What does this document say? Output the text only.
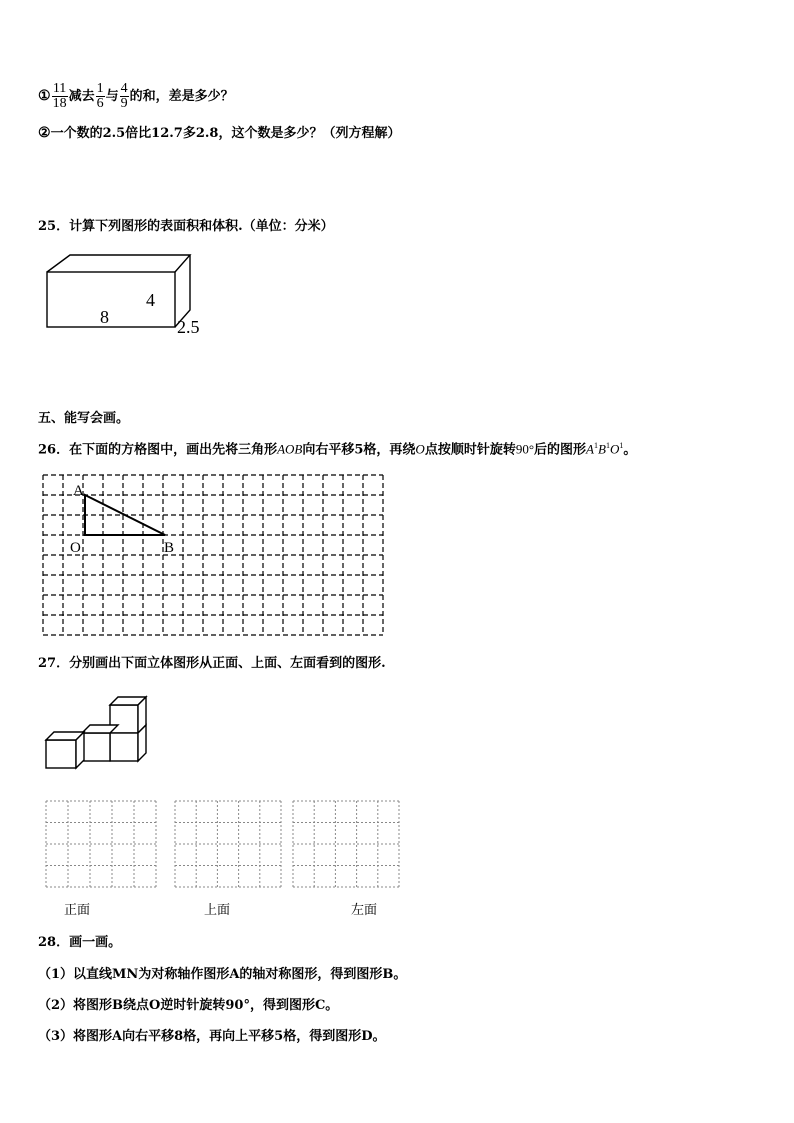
① $\frac{11}{18}$ 减去 $\frac{1}{6}$ 与 $\frac{4}{9}$ 的和，差是多少？
②一个数的2.5倍比12.7多2.8，这个数是多少？（列方程解）
25．计算下列图形的表面积和体积.（单位：分米）
8
4
2.5
五、能写会画。
26．在下面的方格图中，画出先将三角形AOB向右平移5格，再绕O点按顺时针旋转90°后的图形$A^1B^1O^1$。
A
O	B
27．分别画出下面立体图形从正面、上面、左面看到的图形.
正面	上面	左面
28．画一画。
（1）以直线MN为对称轴作图形A的轴对称图形，得到图形B。
（2）将图形B绕点O逆时针旋转90°，得到图形C。
（3）将图形A向右平移8格，再向上平移5格，得到图形D。
